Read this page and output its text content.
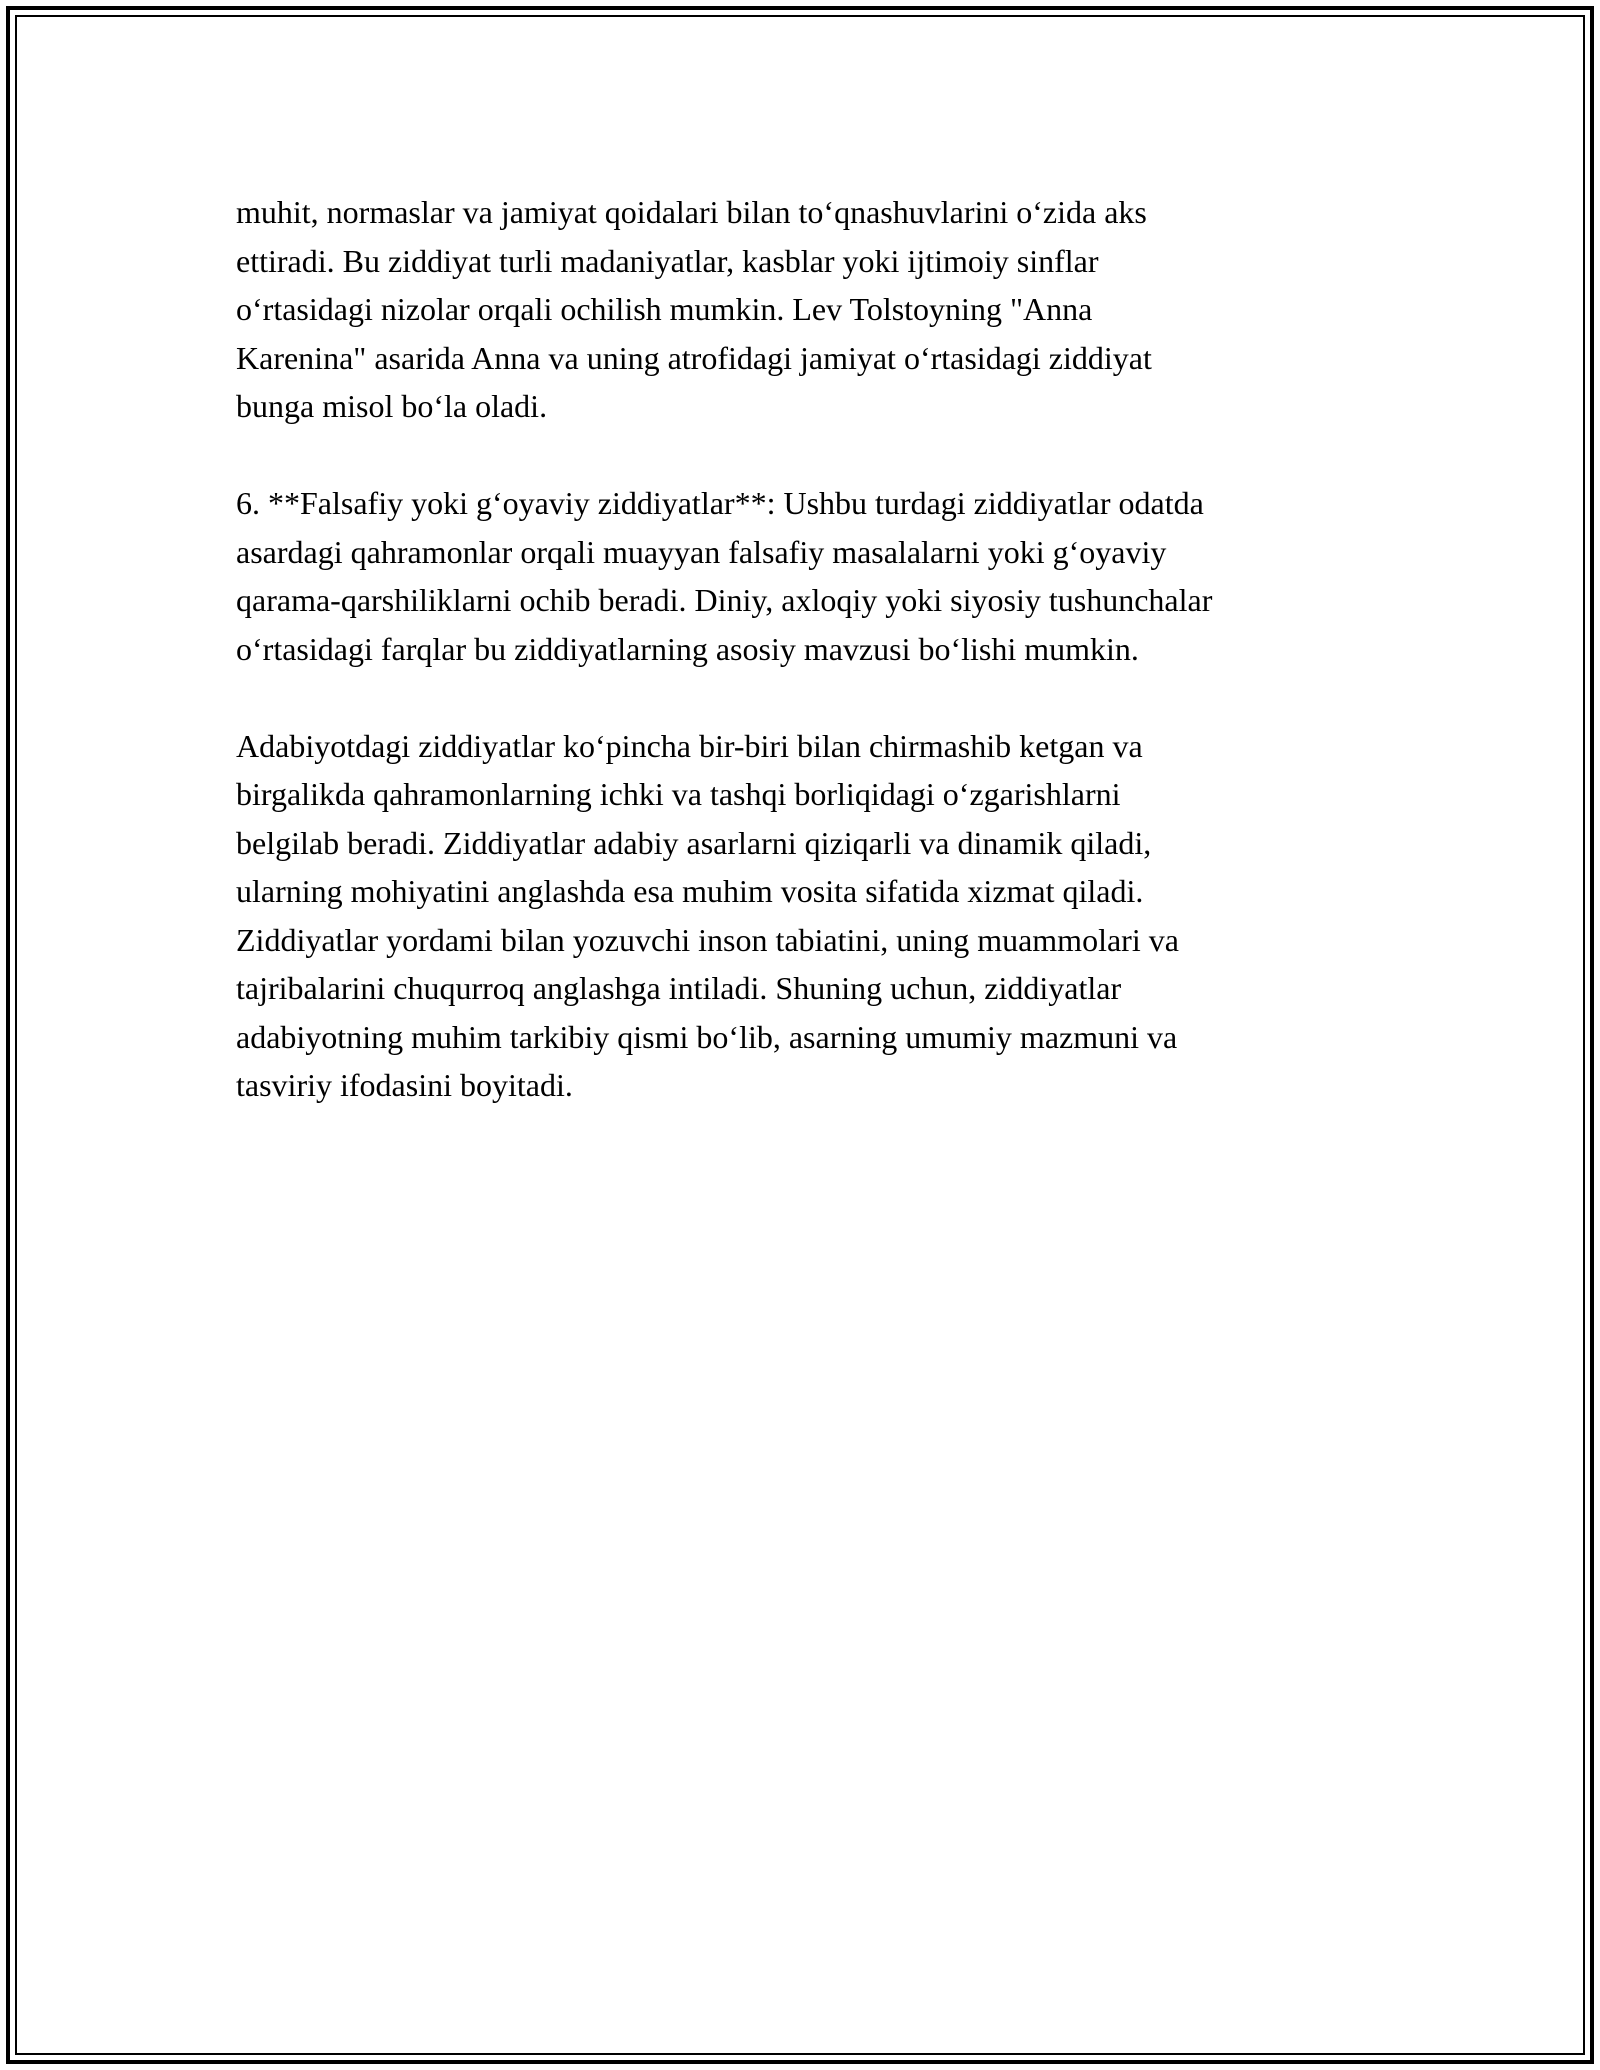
muhit, normaslar va jamiyat qoidalari bilan toʻqnashuvlarini oʻzida aks
ettiradi. Bu ziddiyat turli madaniyatlar, kasblar yoki ijtimoiy sinflar
oʻrtasidagi nizolar orqali ochilish mumkin. Lev Tolstoyning "Anna
Karenina" asarida Anna va uning atrofidagi jamiyat oʻrtasidagi ziddiyat
bunga misol boʻla oladi.

6. **Falsafiy yoki gʻoyaviy ziddiyatlar**: Ushbu turdagi ziddiyatlar odatda
asardagi qahramonlar orqali muayyan falsafiy masalalarni yoki gʻoyaviy
qarama-qarshiliklarni ochib beradi. Diniy, axloqiy yoki siyosiy tushunchalar
oʻrtasidagi farqlar bu ziddiyatlarning asosiy mavzusi boʻlishi mumkin.

Adabiyotdagi ziddiyatlar koʻpincha bir-biri bilan chirmashib ketgan va
birgalikda qahramonlarning ichki va tashqi borliqidagi oʻzgarishlarni
belgilab beradi. Ziddiyatlar adabiy asarlarni qiziqarli va dinamik qiladi,
ularning mohiyatini anglashda esa muhim vosita sifatida xizmat qiladi.
Ziddiyatlar yordami bilan yozuvchi inson tabiatini, uning muammolari va
tajribalarini chuqurroq anglashga intiladi. Shuning uchun, ziddiyatlar
adabiyotning muhim tarkibiy qismi boʻlib, asarning umumiy mazmuni va
tasviriy ifodasini boyitadi.
